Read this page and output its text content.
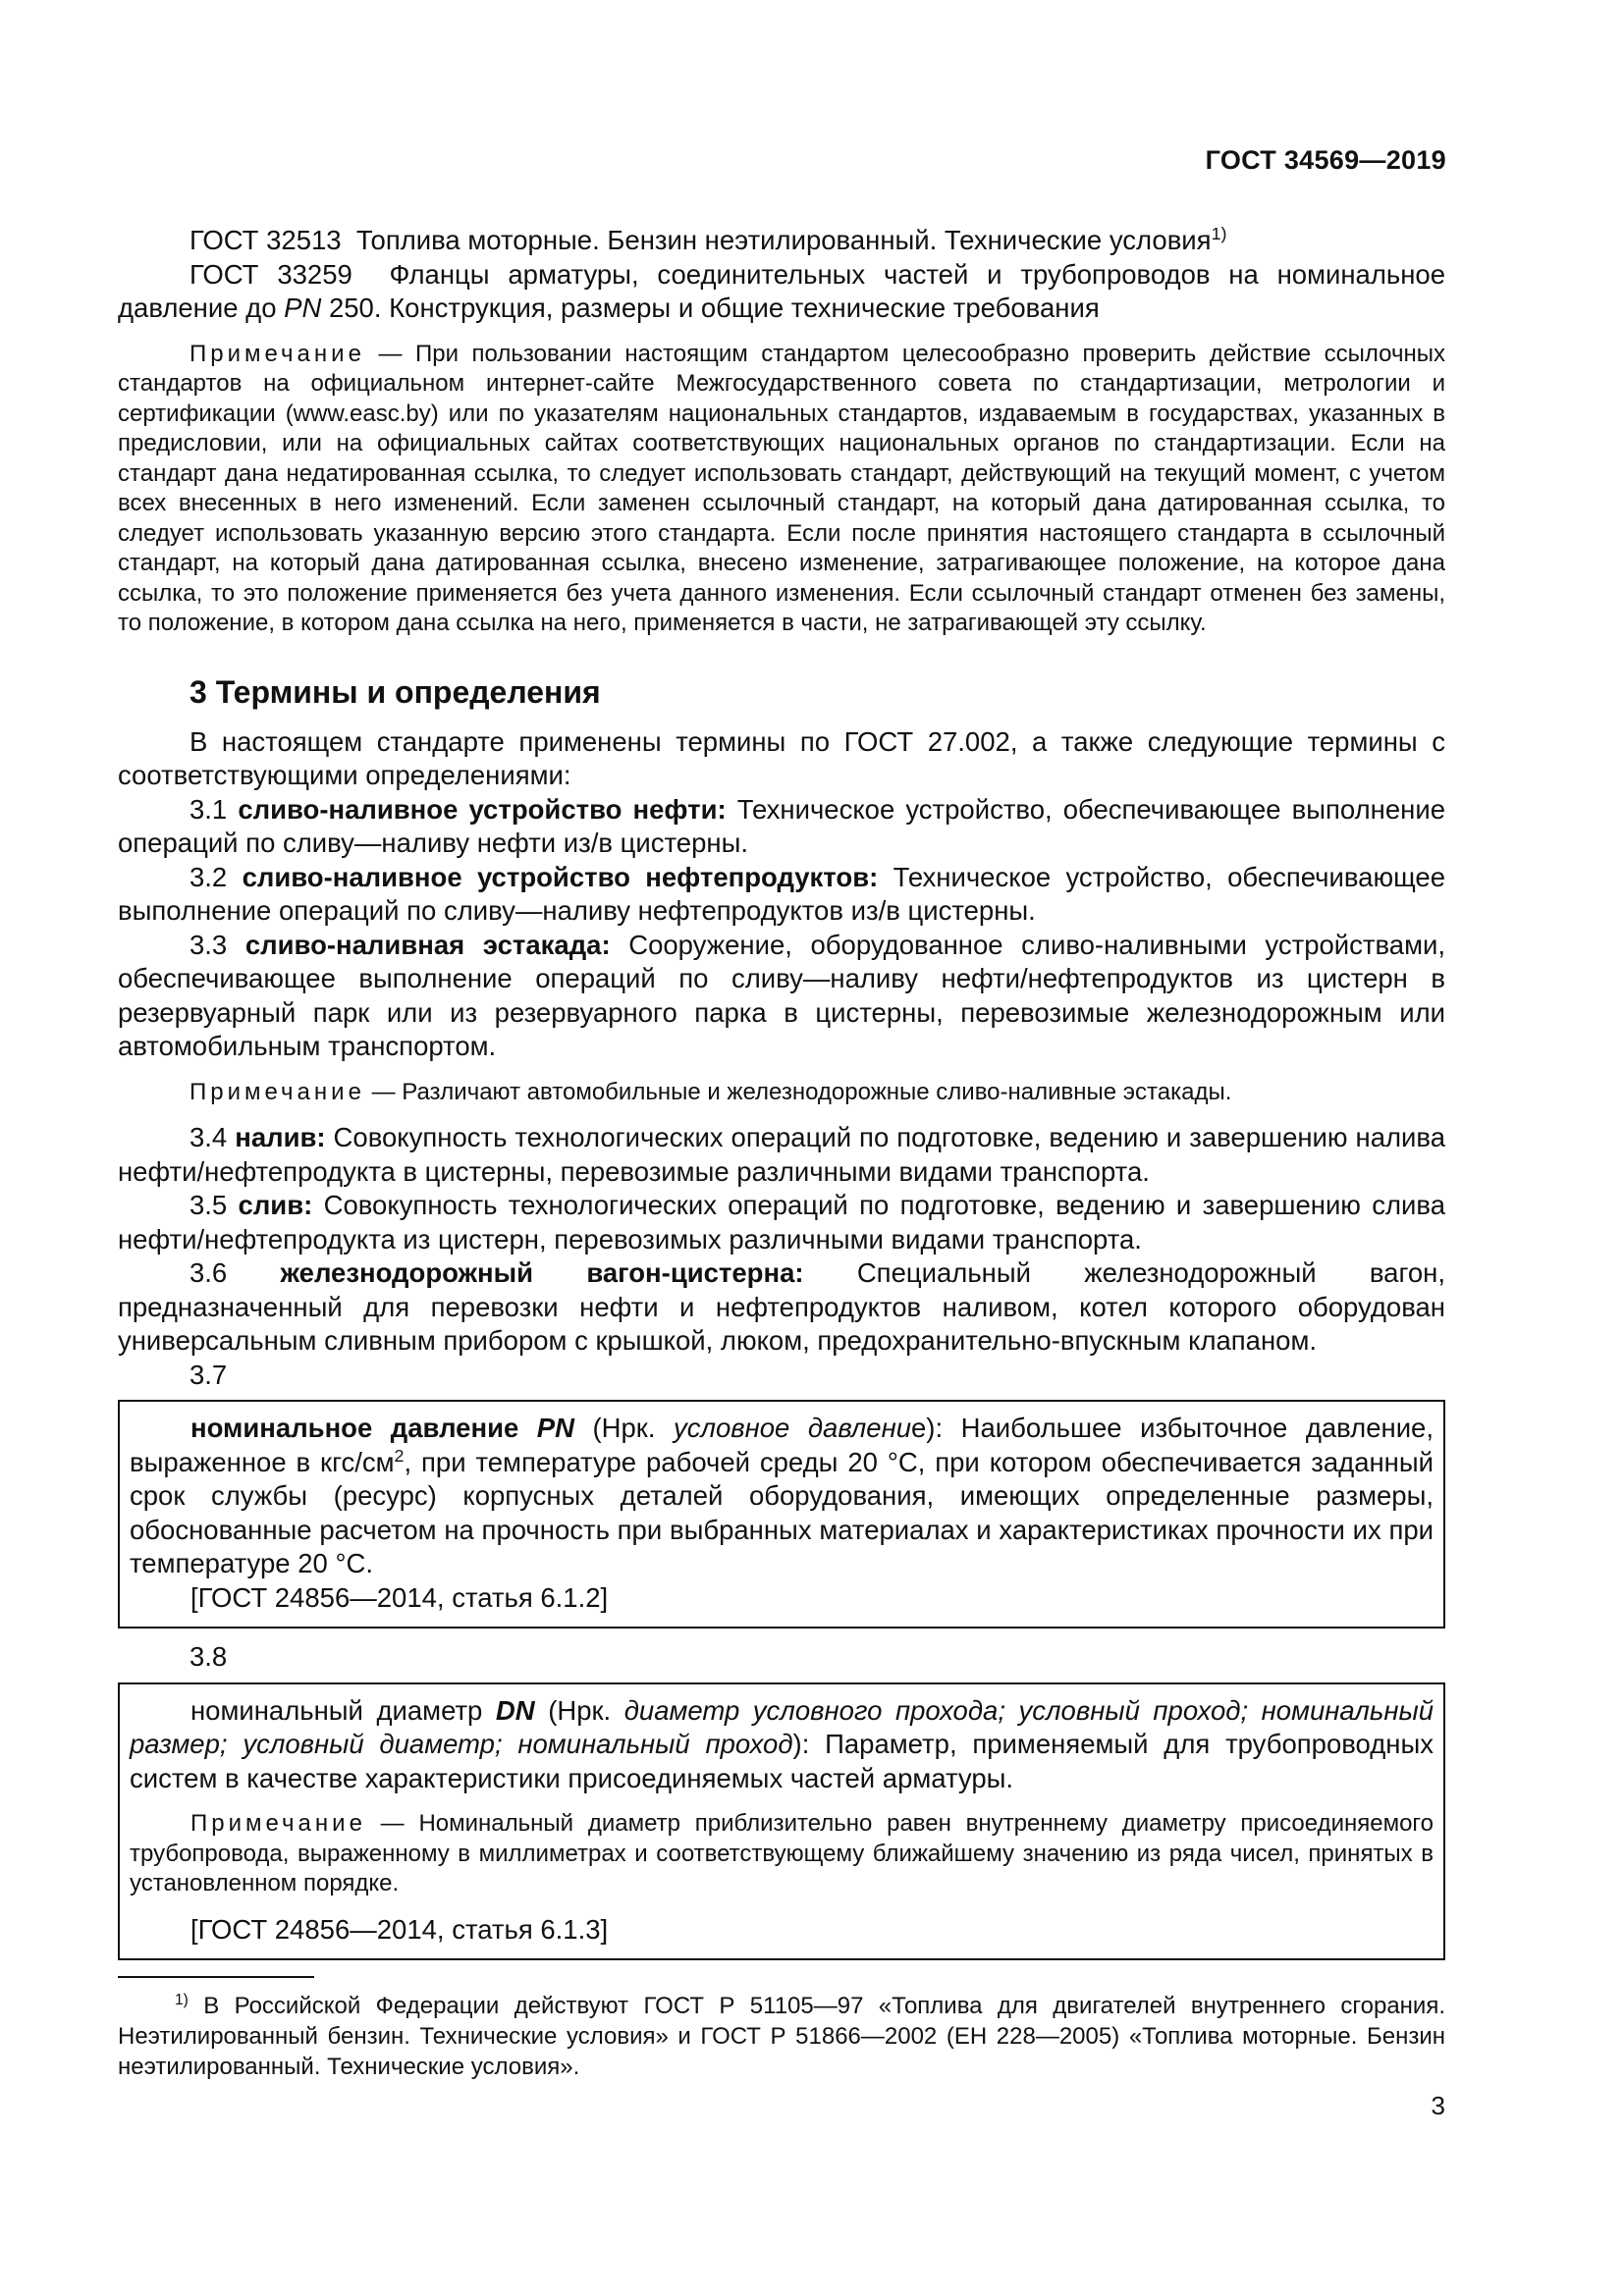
ГОСТ 34569—2019

ГОСТ 32513 Топлива моторные. Бензин неэтилированный. Технические условия$^{1)}$

ГОСТ 33259 Фланцы арматуры, соединительных частей и трубопроводов на номинальное давление до PN 250. Конструкция, размеры и общие технические требования

Примечание — При пользовании настоящим стандартом целесообразно проверить действие ссылочных стандартов на официальном интернет-сайте Межгосударственного совета по стандартизации, метрологии и сертификации (www.easc.by) или по указателям национальных стандартов, издаваемым в государствах, указанных в предисловии, или на официальных сайтах соответствующих национальных органов по стандартизации. Если на стандарт дана недатированная ссылка, то следует использовать стандарт, действующий на текущий момент, с учетом всех внесенных в него изменений. Если заменен ссылочный стандарт, на который дана датированная ссылка, то следует использовать указанную версию этого стандарта. Если после принятия настоящего стандарта в ссылочный стандарт, на который дана датированная ссылка, внесено изменение, затрагивающее положение, на которое дана ссылка, то это положение применяется без учета данного изменения. Если ссылочный стандарт отменен без замены, то положение, в котором дана ссылка на него, применяется в части, не затрагивающей эту ссылку.

3 Термины и определения

В настоящем стандарте применены термины по ГОСТ 27.002, а также следующие термины с соответствующими определениями:

3.1 сливо-наливное устройство нефти: Техническое устройство, обеспечивающее выполнение операций по сливу—наливу нефти из/в цистерны.

3.2 сливо-наливное устройство нефтепродуктов: Техническое устройство, обеспечивающее выполнение операций по сливу—наливу нефтепродуктов из/в цистерны.

3.3 сливо-наливная эстакада: Сооружение, оборудованное сливо-наливными устройствами, обеспечивающее выполнение операций по сливу—наливу нефти/нефтепродуктов из цистерн в резервуарный парк или из резервуарного парка в цистерны, перевозимые железнодорожным или автомобильным транспортом.

Примечание — Различают автомобильные и железнодорожные сливо-наливные эстакады.

3.4 налив: Совокупность технологических операций по подготовке, ведению и завершению налива нефти/нефтепродукта в цистерны, перевозимые различными видами транспорта.

3.5 слив: Совокупность технологических операций по подготовке, ведению и завершению слива нефти/нефтепродукта из цистерн, перевозимых различными видами транспорта.

3.6 железнодорожный вагон-цистерна: Специальный железнодорожный вагон, предназначенный для перевозки нефти и нефтепродуктов наливом, котел которого оборудован универсальным сливным прибором с крышкой, люком, предохранительно-впускным клапаном.

3.7

номинальное давление PN (Нрк. условное давление): Наибольшее избыточное давление, выраженное в кгс/$см^2$, при температуре рабочей среды 20 °С, при котором обеспечивается заданный срок службы (ресурс) корпусных деталей оборудования, имеющих определенные размеры, обоснованные расчетом на прочность при выбранных материалах и характеристиках прочности их при температуре 20 °С.

[ГОСТ 24856—2014, статья 6.1.2]

3.8

номинальный диаметр DN (Нрк. диаметр условного прохода; условный проход; номинальный размер; условный диаметр; номинальный проход): Параметр, применяемый для трубопроводных систем в качестве характеристики присоединяемых частей арматуры.

Примечание — Номинальный диаметр приблизительно равен внутреннему диаметру присоединяемого трубопровода, выраженному в миллиметрах и соответствующему ближайшему значению из ряда чисел, принятых в установленном порядке.

[ГОСТ 24856—2014, статья 6.1.3]

$^{1)}$ В Российской Федерации действуют ГОСТ Р 51105—97 «Топлива для двигателей внутреннего сгорания. Неэтилированный бензин. Технические условия» и ГОСТ Р 51866—2002 (ЕН 228—2005) «Топлива моторные. Бензин неэтилированный. Технические условия».

3
